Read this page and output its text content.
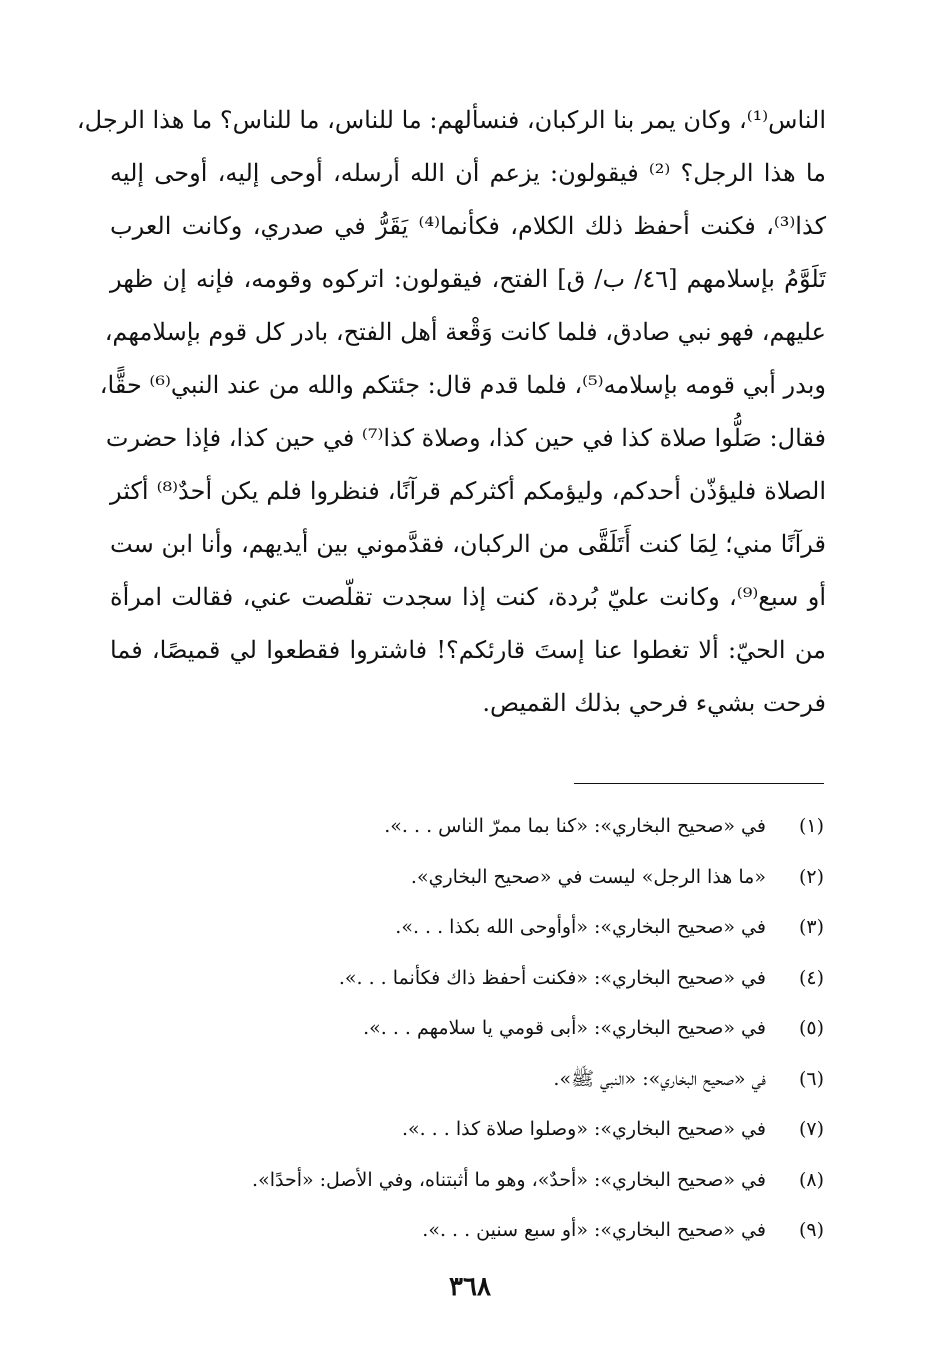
الناس⁽¹⁾، وكان يمر بنا الركبان، فنسألهم: ما للناس، ما للناس؟ ما هذا الرجل،
ما هذا الرجل؟ ⁽²⁾ فيقولون: يزعم أن الله أرسله، أوحى إليه، أوحى إليه
كذا⁽³⁾، فكنت أحفظ ذلك الكلام، فكأنما⁽⁴⁾ يَقَرُّ في صدري، وكانت العرب
تَلَوَّمُ بإسلامهم [٤٦/ ب/ ق] الفتح، فيقولون: اتركوه وقومه، فإنه إن ظهر
عليهم، فهو نبي صادق، فلما كانت وَقْعة أهل الفتح، بادر كل قوم بإسلامهم،
وبدر أبي قومه بإسلامه⁽⁵⁾، فلما قدم قال: جئتكم والله من عند النبي⁽⁶⁾ حقًّا،
فقال: صَلُّوا صلاة كذا في حين كذا، وصلاة كذا⁽⁷⁾ في حين كذا، فإذا حضرت
الصلاة فليؤذّن أحدكم، وليؤمكم أكثركم قرآنًا، فنظروا فلم يكن أحدٌ⁽⁸⁾ أكثر
قرآنًا مني؛ لِمَا كنت أَتَلَقَّى من الركبان، فقدَّموني بين أيديهم، وأنا ابن ست
أو سبع⁽⁹⁾، وكانت عليّ بُردة، كنت إذا سجدت تقلّصت عني، فقالت امرأة
من الحيّ: ألا تغطوا عنا إستَ قارئكم؟! فاشتروا فقطعوا لي قميصًا، فما
فرحت بشيء فرحي بذلك القميص.
(١) في «صحيح البخاري»: «كنا بما ممرّ الناس . . .».
(٢) «ما هذا الرجل» ليست في «صحيح البخاري».
(٣) في «صحيح البخاري»: «أوأوحى الله بكذا . . .».
(٤) في «صحيح البخاري»: «فكنت أحفظ ذاك فكأنما . . .».
(٥) في «صحيح البخاري»: «أبى قومي يا سلامهم . . .».
(٦) في «صحيح البخاري»: «النبي ﷺ».
(٧) في «صحيح البخاري»: «وصلوا صلاة كذا . . .».
(٨) في «صحيح البخاري»: «أحدٌ»، وهو ما أثبتناه، وفي الأصل: «أحدًا».
(٩) في «صحيح البخاري»: «أو سبع سنين . . .».
٣٦٨
